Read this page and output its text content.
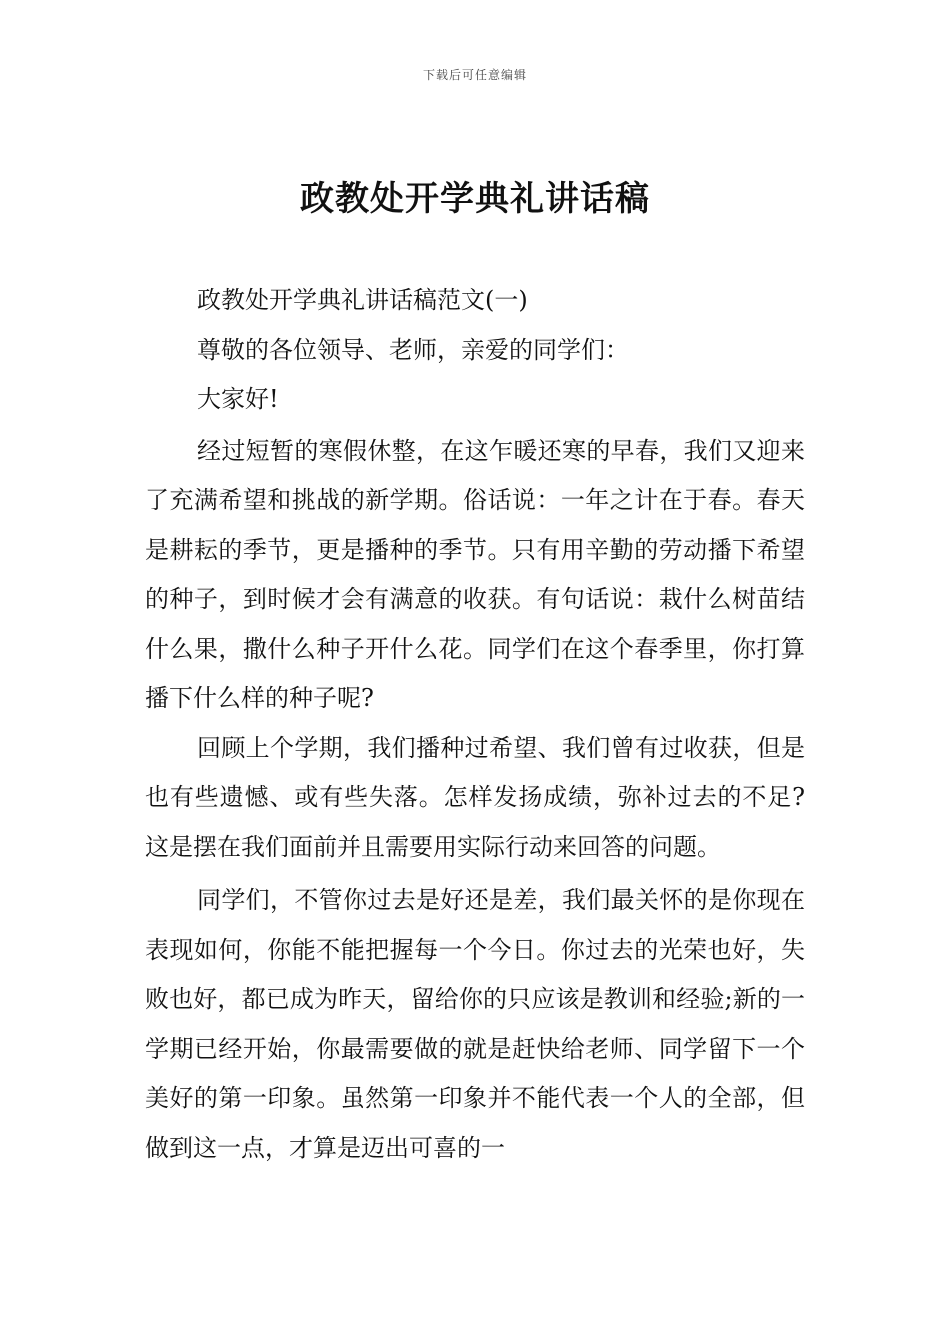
下载后可任意编辑
政教处开学典礼讲话稿

政教处开学典礼讲话稿范文(一)

尊敬的各位领导、老师，亲爱的同学们：

大家好!

经过短暂的寒假休整，在这乍暖还寒的早春，我们又迎来了充满希望和挑战的新学期。俗话说：一年之计在于春。春天是耕耘的季节，更是播种的季节。只有用辛勤的劳动播下希望的种子，到时候才会有满意的收获。有句话说：栽什么树苗结什么果，撒什么种子开什么花。同学们在这个春季里，你打算播下什么样的种子呢?

回顾上个学期，我们播种过希望、我们曾有过收获，但是也有些遗憾、或有些失落。怎样发扬成绩，弥补过去的不足?这是摆在我们面前并且需要用实际行动来回答的问题。

同学们，不管你过去是好还是差，我们最关怀的是你现在表现如何，你能不能把握每一个今日。你过去的光荣也好，失败也好，都已成为昨天，留给你的只应该是教训和经验;新的一学期已经开始，你最需要做的就是赶快给老师、同学留下一个美好的第一印象。虽然第一印象并不能代表一个人的全部，但做到这一点，才算是迈出可喜的一
